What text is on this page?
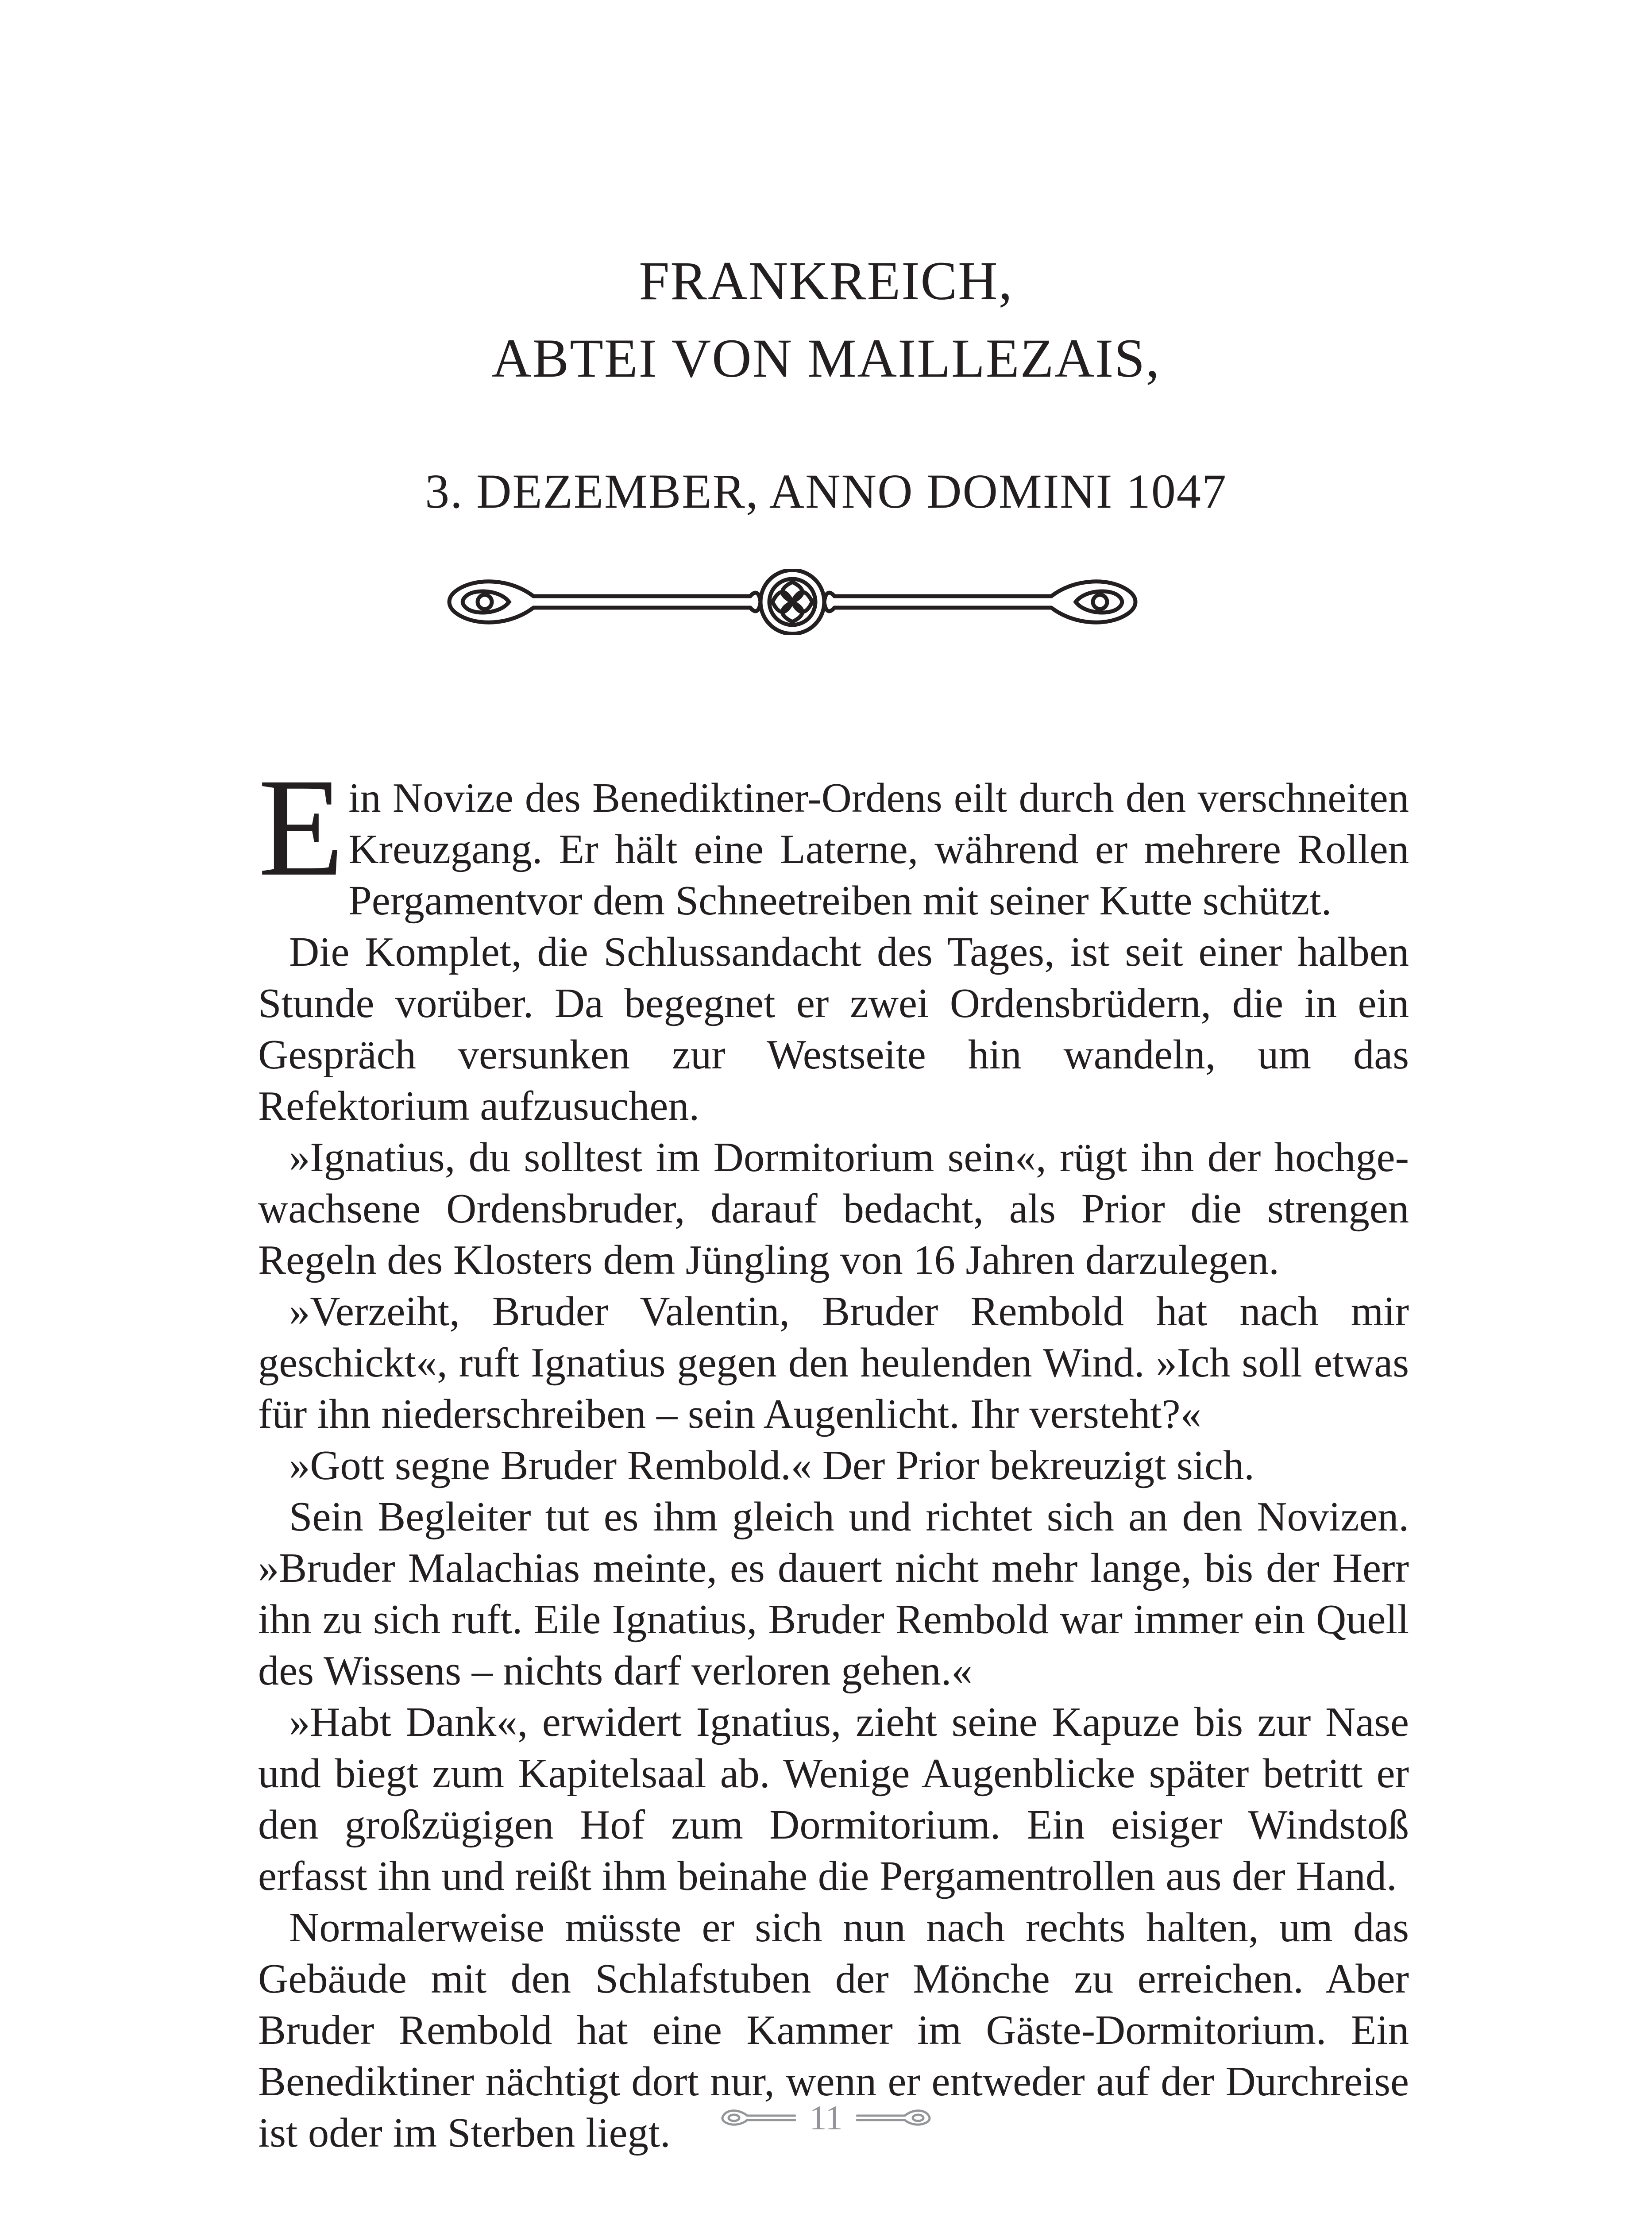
FRANKREICH,
ABTEI VON MAILLEZAIS,
3. DEZEMBER, ANNO DOMINI 1047

Ein Novize des Benediktiner-Ordens eilt durch den verschneiten Kreuzgang. Er hält eine Laterne, während er mehrere Rollen Pergamentvor dem Schneetreiben mit seiner Kutte schützt.

Die Komplet, die Schlussandacht des Tages, ist seit einer halben Stunde vorüber. Da begegnet er zwei Ordensbrüdern, die in ein Gespräch versunken zur Westseite hin wandeln, um das Refektorium aufzusuchen.

»Ignatius, du solltest im Dormitorium sein«, rügt ihn der hochgewachsene Ordensbruder, darauf bedacht, als Prior die strengen Regeln des Klosters dem Jüngling von 16 Jahren darzulegen.

»Verzeiht, Bruder Valentin, Bruder Rembold hat nach mir geschickt«, ruft Ignatius gegen den heulenden Wind. »Ich soll etwas für ihn niederschreiben – sein Augenlicht. Ihr versteht?«

»Gott segne Bruder Rembold.« Der Prior bekreuzigt sich.

Sein Begleiter tut es ihm gleich und richtet sich an den Novizen. »Bruder Malachias meinte, es dauert nicht mehr lange, bis der Herr ihn zu sich ruft. Eile Ignatius, Bruder Rembold war immer ein Quell des Wissens – nichts darf verloren gehen.«

»Habt Dank«, erwidert Ignatius, zieht seine Kapuze bis zur Nase und biegt zum Kapitelsaal ab. Wenige Augenblicke später betritt er den großzügigen Hof zum Dormitorium. Ein eisiger Windstoß erfasst ihn und reißt ihm beinahe die Pergamentrollen aus der Hand.

Normalerweise müsste er sich nun nach rechts halten, um das Gebäude mit den Schlafstuben der Mönche zu erreichen. Aber Bruder Rembold hat eine Kammer im Gäste-Dormitorium. Ein Benediktiner nächtigt dort nur, wenn er entweder auf der Durchreise ist oder im Sterben liegt.	11
